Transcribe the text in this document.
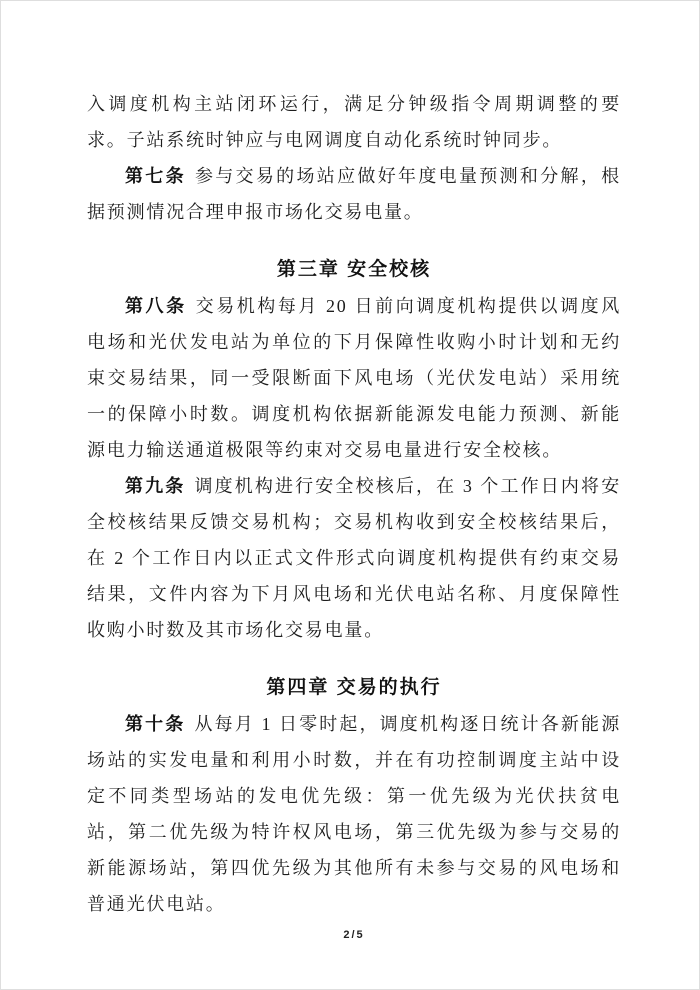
入调度机构主站闭环运行，满足分钟级指令周期调整的要求。子站系统时钟应与电网调度自动化系统时钟同步。

第七条 参与交易的场站应做好年度电量预测和分解，根据预测情况合理申报市场化交易电量。

第三章 安全校核

第八条 交易机构每月 20 日前向调度机构提供以调度风电场和光伏发电站为单位的下月保障性收购小时计划和无约束交易结果，同一受限断面下风电场（光伏发电站）采用统一的保障小时数。调度机构依据新能源发电能力预测、新能源电力输送通道极限等约束对交易电量进行安全校核。

第九条 调度机构进行安全校核后，在 3 个工作日内将安全校核结果反馈交易机构；交易机构收到安全校核结果后，在 2 个工作日内以正式文件形式向调度机构提供有约束交易结果，文件内容为下月风电场和光伏电站名称、月度保障性收购小时数及其市场化交易电量。

第四章 交易的执行

第十条 从每月 1 日零时起，调度机构逐日统计各新能源场站的实发电量和利用小时数，并在有功控制调度主站中设定不同类型场站的发电优先级：第一优先级为光伏扶贫电站，第二优先级为特许权风电场，第三优先级为参与交易的新能源场站，第四优先级为其他所有未参与交易的风电场和普通光伏电站。

2/5
